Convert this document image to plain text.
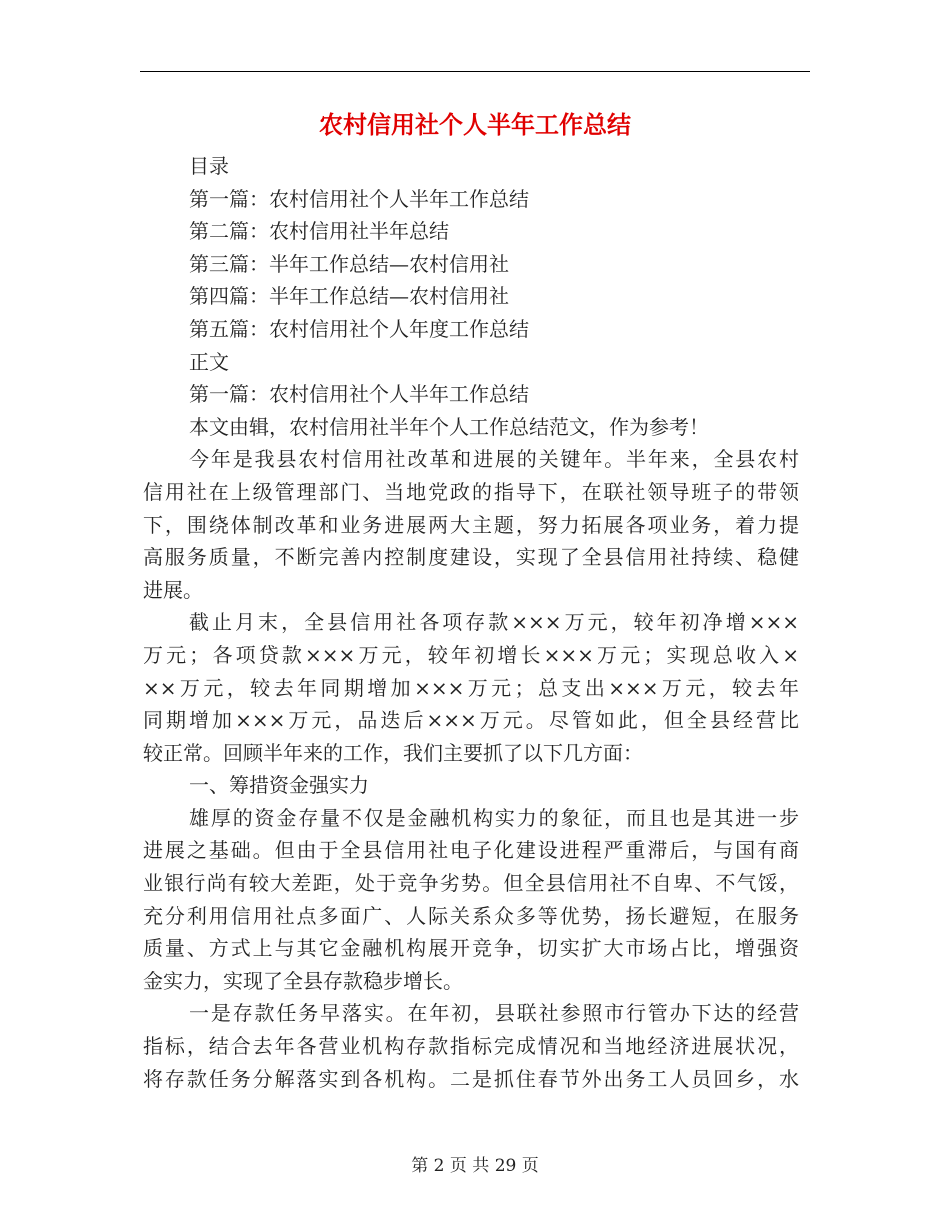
农村信用社个人半年工作总结
目录
第一篇：农村信用社个人半年工作总结
第二篇：农村信用社半年总结
第三篇：半年工作总结—农村信用社
第四篇：半年工作总结—农村信用社
第五篇：农村信用社个人年度工作总结
正文
第一篇：农村信用社个人半年工作总结
本文由辑，农村信用社半年个人工作总结范文，作为参考！
今年是我县农村信用社改革和进展的关键年。半年来，全县农村
信用社在上级管理部门、当地党政的指导下，在联社领导班子的带领
下，围绕体制改革和业务进展两大主题，努力拓展各项业务，着力提
高服务质量，不断完善内控制度建设，实现了全县信用社持续、稳健
进展。
截止月末，全县信用社各项存款×××万元，较年初净增×××
万元；各项贷款×××万元，较年初增长×××万元；实现总收入×
××万元，较去年同期增加×××万元；总支出×××万元，较去年
同期增加×××万元，品迭后×××万元。尽管如此，但全县经营比
较正常。回顾半年来的工作，我们主要抓了以下几方面：
一、筹措资金强实力
雄厚的资金存量不仅是金融机构实力的象征，而且也是其进一步
进展之基础。但由于全县信用社电子化建设进程严重滞后，与国有商
业银行尚有较大差距，处于竞争劣势。但全县信用社不自卑、不气馁，
充分利用信用社点多面广、人际关系众多等优势，扬长避短，在服务
质量、方式上与其它金融机构展开竞争，切实扩大市场占比，增强资
金实力，实现了全县存款稳步增长。
一是存款任务早落实。在年初，县联社参照市行管办下达的经营
指标，结合去年各营业机构存款指标完成情况和当地经济进展状况，
将存款任务分解落实到各机构。二是抓住春节外出务工人员回乡，水
第 2 页 共 29 页
